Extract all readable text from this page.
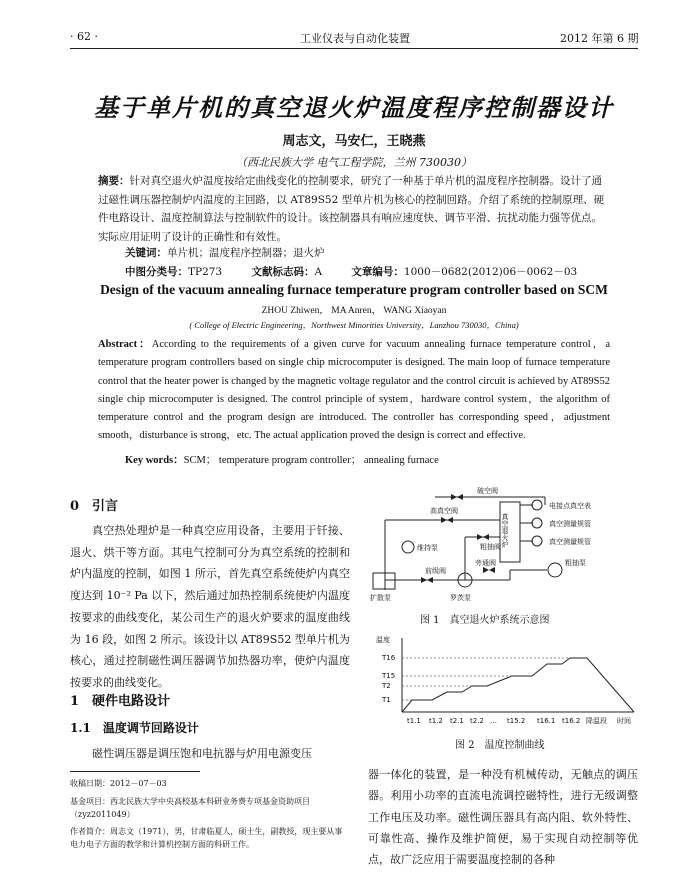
· 62 ·	工业仪表与自动化装置	2012 年第 6 期
基于单片机的真空退火炉温度程序控制器设计
周志文，马安仁，王晓燕
（西北民族大学 电气工程学院，兰州 730030）
摘要：针对真空退火炉温度按给定曲线变化的控制要求，研究了一种基于单片机的温度程序控制器。设计了通过磁性调压器控制炉内温度的主回路，以 AT89S52 型单片机为核心的控制回路。介绍了系统的控制原理、硬件电路设计、温度控制算法与控制软件的设计。该控制器具有响应速度快、调节平滑、抗扰动能力强等优点。实际应用证明了设计的正确性和有效性。
关键词：单片机；温度程序控制器；退火炉
中图分类号：TP273	文献标志码：A	文章编号：1000－0682(2012)06－0062－03
Design of the vacuum annealing furnace temperature program controller based on SCM
ZHOU Zhiwen， MA Anren， WANG Xiaoyan
( College of Electric Engineering，Northwest Minorities University，Lanzhou 730030，China)
Abstract：According to the requirements of a given curve for vacuum annealing furnace temperature control，a temperature program controllers based on single chip microcomputer is designed. The main loop of furnace temperature control that the heater power is changed by the magnetic voltage regulator and the control circuit is achieved by AT89S52 single chip microcomputer is designed. The control principle of system，hardware control system，the algorithm of temperature control and the program design are introduced. The controller has corresponding speed，adjustment smooth，disturbance is strong，etc. The actual application proved the design is correct and effective.
Key words：SCM； temperature program controller； annealing furnace
0　引言
真空热处理炉是一种真空应用设备，主要用于钎接、退火、烘干等方面。其电气控制可分为真空系统的控制和炉内温度的控制，如图 1 所示，首先真空系统使炉内真空度达到 10⁻² Pa 以下，然后通过加热控制系统使炉内温度按要求的曲线变化，某公司生产的退火炉要求的温度曲线为 16 段，如图 2 所示。该设计以 AT89S52 型单片机为核心，通过控制磁性调压器调节加热器功率，使炉内温度按要求的曲线变化。
1　硬件电路设计
1.1　温度调节回路设计
磁性调压器是调压饱和电抗器与炉用电源变压
收稿日期：2012－07－03
基金项目：西北民族大学中央高校基本科研业务费专项基金资助项目（zyz2011049）
作者简介：周志文（1971），男，甘肃临夏人，硕士生，副教授，现主要从事电力电子方面的教学和计算机控制方面的科研工作。
破空阀
高真空阀
电接点真空表
真空测量规管
真空测量规管
粗抽阀
维持泵
前级阀
旁通阀	粗抽泵
扩散泵	罗茨泵
真空退火炉
图 1　真空退火炉系统示意图
温度
T16
T15
T2
T1
t1.1 t1.2 t2.1 t2.2 … t15.2 t16.1 t16.2 降温段 时间
图 2　温度控制曲线
器一体化的装置，是一种没有机械传动，无触点的调压器。利用小功率的直流电流调控磁特性，进行无级调整工作电压及功率。磁性调压器具有高内阻、软外特性、可靠性高、操作及维护简便，易于实现自动控制等优点，故广泛应用于需要温度控制的各种
